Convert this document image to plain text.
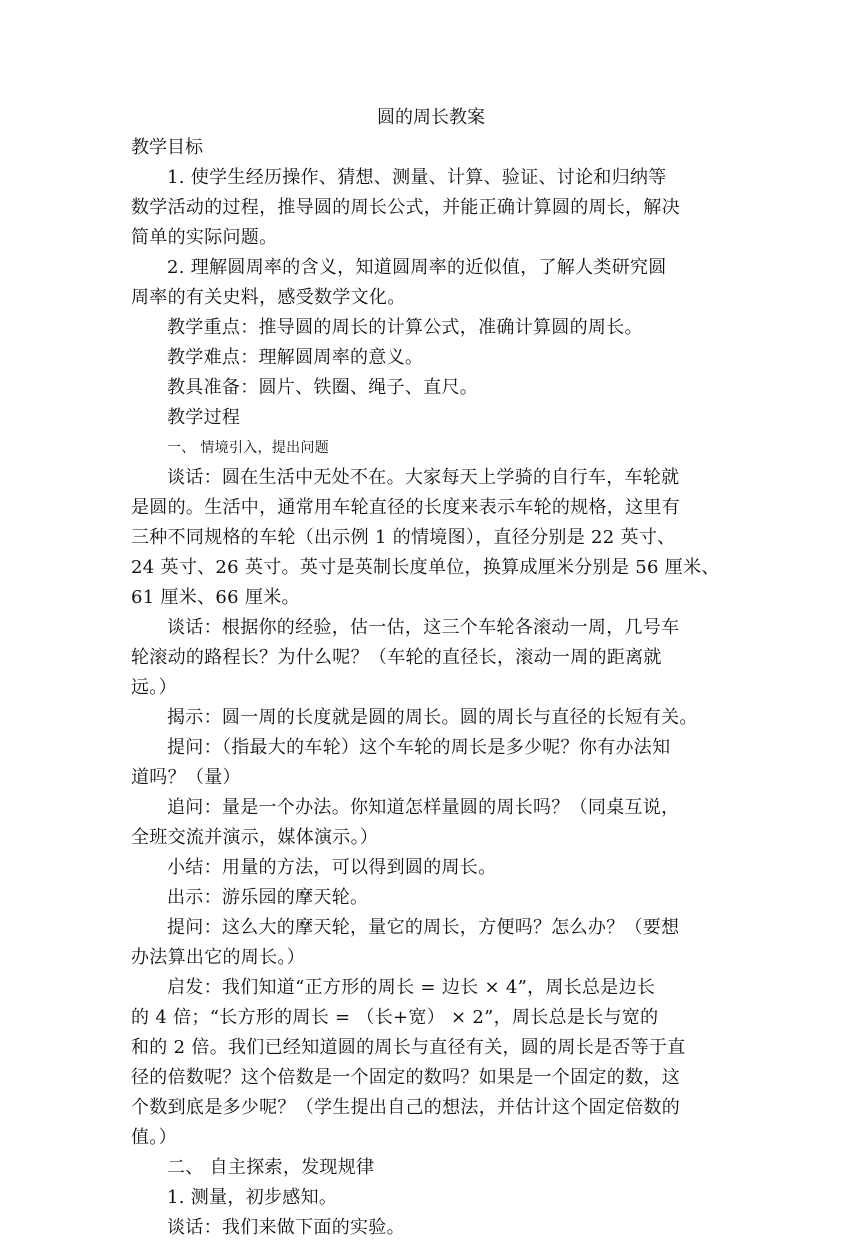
圆的周长教案
教学目标
1. 使学生经历操作、猜想、测量、计算、验证、讨论和归纳等
数学活动的过程，推导圆的周长公式，并能正确计算圆的周长，解决
简单的实际问题。
2. 理解圆周率的含义，知道圆周率的近似值，了解人类研究圆
周率的有关史料，感受数学文化。
教学重点：推导圆的周长的计算公式，准确计算圆的周长。
教学难点：理解圆周率的意义。
教具准备：圆片、铁圈、绳子、直尺。
教学过程
一、 情境引入，提出问题
谈话：圆在生活中无处不在。大家每天上学骑的自行车，车轮就
是圆的。生活中，通常用车轮直径的长度来表示车轮的规格，这里有
三种不同规格的车轮（出示例 1 的情境图），直径分别是 22 英寸、
24 英寸、26 英寸。英寸是英制长度单位，换算成厘米分别是 56 厘米、
61 厘米、66 厘米。
谈话：根据你的经验，估一估，这三个车轮各滚动一周，几号车
轮滚动的路程长？为什么呢？（车轮的直径长，滚动一周的距离就
远。）
揭示：圆一周的长度就是圆的周长。圆的周长与直径的长短有关。
提问：（指最大的车轮）这个车轮的周长是多少呢？你有办法知
道吗？（量）
追问：量是一个办法。你知道怎样量圆的周长吗？（同桌互说，
全班交流并演示，媒体演示。）
小结：用量的方法，可以得到圆的周长。
出示：游乐园的摩天轮。
提问：这么大的摩天轮，量它的周长，方便吗？怎么办？（要想
办法算出它的周长。）
启发：我们知道“正方形的周长 = 边长 × 4”，周长总是边长
的 4 倍；“长方形的周长 = （长+宽） × 2”，周长总是长与宽的
和的 2 倍。我们已经知道圆的周长与直径有关，圆的周长是否等于直
径的倍数呢？这个倍数是一个固定的数吗？如果是一个固定的数，这
个数到底是多少呢？（学生提出自己的想法，并估计这个固定倍数的
值。）
二、 自主探索，发现规律
1. 测量，初步感知。
谈话：我们来做下面的实验。
